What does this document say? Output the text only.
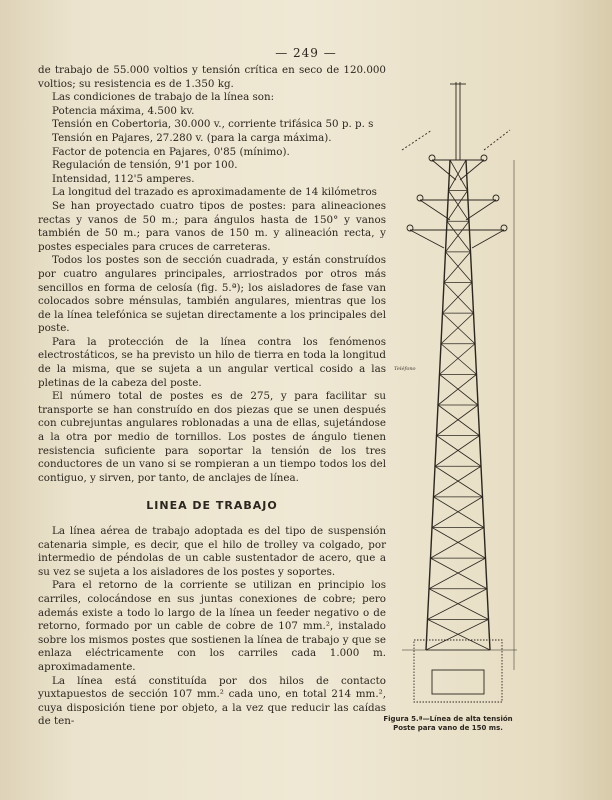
— 249 —

de trabajo de 55.000 voltios y tensión crítica en seco de 120.000 voltios; su resistencia es de 1.350 kg.

Las condiciones de trabajo de la línea son:

Potencia máxima, 4.500 kv.

Tensión en Cobertoria, 30.000 v., corriente trifásica 50 p. p. s

Tensión en Pajares, 27.280 v. (para la carga máxima).

Factor de potencia en Pajares, 0'85 (mínimo).

Regulación de tensión, 9'1 por 100.

Intensidad, 112'5 amperes.

La longitud del trazado es aproximadamente de 14 kilómetros

Se han proyectado cuatro tipos de postes: para alineaciones rectas y vanos de 50 m.; para ángulos hasta de 150° y vanos también de 50 m.; para vanos de 150 m. y alineación recta, y postes especiales para cruces de carreteras.

Todos los postes son de sección cuadrada, y están construídos por cuatro angulares principales, arriostrados por otros más sencillos en forma de celosía (fig. 5.ª); los aisladores de fase van colocados sobre ménsulas, también angulares, mientras que los de la línea telefónica se sujetan directamente a los principales del poste.

Para la protección de la línea contra los fenómenos electrostáticos, se ha previsto un hilo de tierra en toda la longitud de la misma, que se sujeta a un angular vertical cosido a las pletinas de la cabeza del poste.

El número total de postes es de 275, y para facilitar su transporte se han construído en dos piezas que se unen después con cubrejuntas angulares roblonadas a una de ellas, sujetándose a la otra por medio de tornillos. Los postes de ángulo tienen resistencia suficiente para soportar la tensión de los tres conductores de un vano si se rompieran a un tiempo todos los del contiguo, y sirven, por tanto, de anclajes de línea.

LINEA DE TRABAJO

La línea aérea de trabajo adoptada es del tipo de suspensión catenaria simple, es decir, que el hilo de trolley va colgado, por intermedio de péndolas de un cable sustentador de acero, que a su vez se sujeta a los aisladores de los postes y soportes.

Para el retorno de la corriente se utilizan en principio los carriles, colocándose en sus juntas conexiones de cobre; pero además existe a todo lo largo de la línea un feeder negativo o de retorno, formado por un cable de cobre de 107 mm.², instalado sobre los mismos postes que sostienen la línea de trabajo y que se enlaza eléctricamente con los carriles cada 1.000 m. aproximadamente.

La línea está constituída por dos hilos de contacto yuxtapuestos de sección 107 mm.² cada uno, en total 214 mm.², cuya disposición tiene por objeto, a la vez que reducir las caídas de ten-

Teléfono
Figura 5.ª—Línea de alta tensión
Poste para vano de 150 ms.
